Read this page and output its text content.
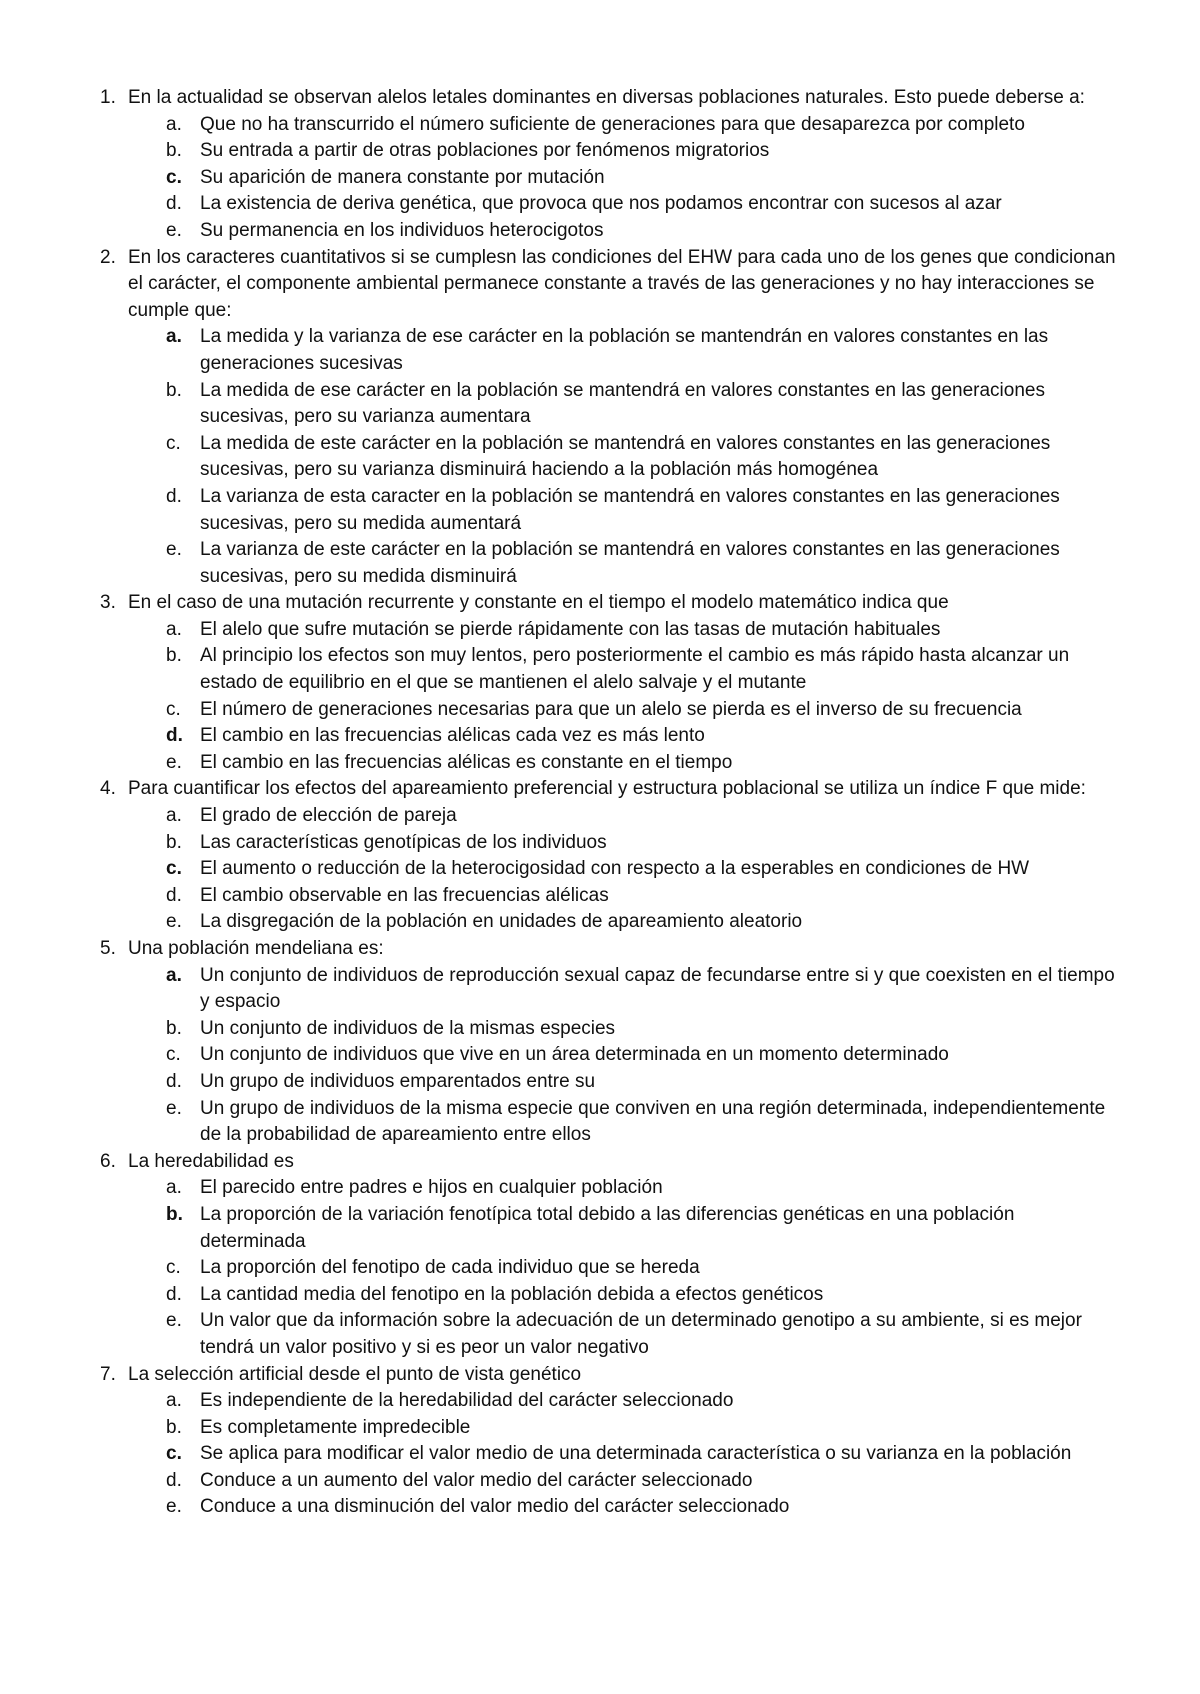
1. En la actualidad se observan alelos letales dominantes en diversas poblaciones naturales. Esto puede deberse a:
a. Que no ha transcurrido el número suficiente de generaciones para que desaparezca por completo
b. Su entrada a partir de otras poblaciones por fenómenos migratorios
c. Su aparición de manera constante por mutación
d. La existencia de deriva genética, que provoca que nos podamos encontrar con sucesos al azar
e. Su permanencia en los individuos heterocigotos
2. En los caracteres cuantitativos si se cumplesn las condiciones del EHW para cada uno de los genes que condicionan el carácter, el componente ambiental permanece constante a través de las generaciones y no hay interacciones se cumple que:
a. La medida y la varianza de ese carácter en la población se mantendrán en valores constantes en las generaciones sucesivas
b. La medida de ese carácter en la población se mantendrá en valores constantes en las generaciones sucesivas, pero su varianza aumentara
c.	La medida de este carácter en la población se mantendrá en valores constantes en las generaciones sucesivas, pero su varianza disminuirá haciendo a la población más homogénea
d. La varianza de esta caracter en la población se mantendrá en valores constantes en las generaciones sucesivas, pero su medida aumentará
e. La varianza de este carácter en la población se mantendrá en valores constantes en las generaciones sucesivas, pero su medida disminuirá
3. En el caso de una mutación recurrente y constante en el tiempo el modelo matemático indica que
a. El alelo que sufre mutación se pierde rápidamente con las tasas de mutación habituales
b. Al principio los efectos son muy lentos, pero posteriormente el cambio es más rápido hasta alcanzar un estado de equilibrio en el que se mantienen el alelo salvaje y el mutante
c.	El número de generaciones necesarias para que un alelo se pierda es el inverso de su frecuencia
d. El cambio en las frecuencias alélicas cada vez es más lento
e. El cambio en las frecuencias alélicas es constante en el tiempo
4. Para cuantificar los efectos del apareamiento preferencial y estructura poblacional se utiliza un índice F que mide:
a. El grado de elección de pareja
b. Las características genotípicas de los individuos
c. El aumento o reducción de la heterocigosidad con respecto a la esperables en condiciones de HW
d. El cambio observable en las frecuencias alélicas
e. La disgregación de la población en unidades de apareamiento aleatorio
5. Una población mendeliana es:
a. Un conjunto de individuos de reproducción sexual capaz de fecundarse entre si y que coexisten en el tiempo y espacio
b. Un conjunto de individuos de la mismas especies
c.	Un conjunto de individuos que vive en un área determinada en un momento determinado
d. Un grupo de individuos emparentados entre su
e. Un grupo de individuos de la misma especie que conviven en una región determinada, independientemente de la probabilidad de apareamiento entre ellos
6. La heredabilidad es
a. El parecido entre padres e hijos en cualquier población
b. La proporción de la variación fenotípica total debido a las diferencias genéticas en una población determinada
c.	La proporción del fenotipo de cada individuo que se hereda
d. La cantidad media del fenotipo en la población debida a efectos genéticos
e. Un valor que da información sobre la adecuación de un determinado genotipo a su ambiente, si es mejor tendrá un valor positivo y si es peor un valor negativo
7. La selección artificial desde el punto de vista genético
a. Es independiente de la heredabilidad del carácter seleccionado
b. Es completamente impredecible
c. Se aplica para modificar el valor medio de una determinada característica o su varianza en la población
d. Conduce a un aumento del valor medio del carácter seleccionado
e. Conduce a una disminución del valor medio del carácter seleccionado
